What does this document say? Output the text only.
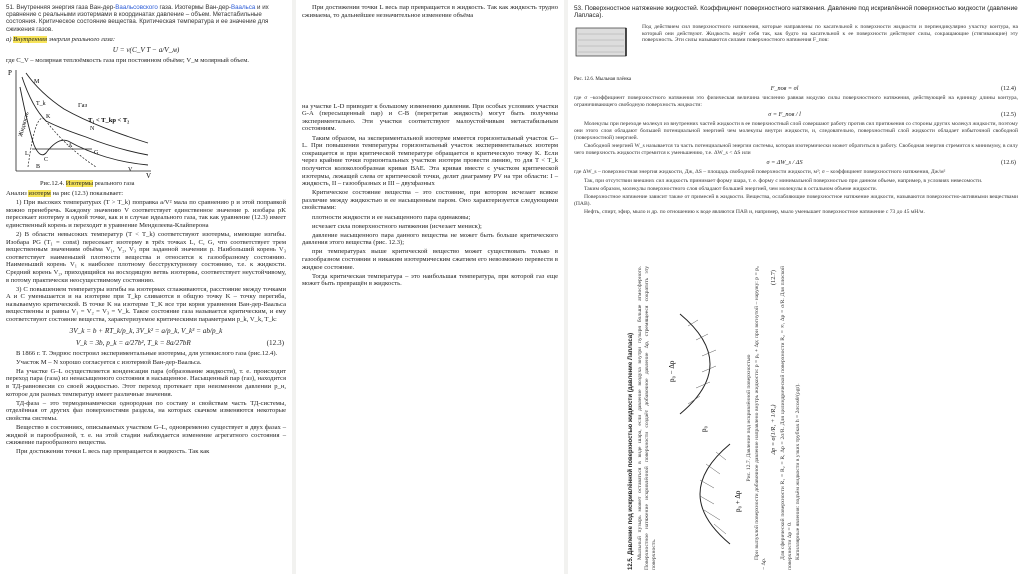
51. Внутренняя энергия газа Ван-дер-Ваальсовского газа. Изотермы Ван-дер-Ваальса и их сравнение с реальными изотермами в координатах давление – объем. Метастабильные состояния. Критическое состояние вещества. Критическая температура и ее значение для сжижения газов.
а) Внутренняя энергия реального газа:
U = ν(C_V T − a/V_м)
где C_V – молярная теплоёмкость газа при постоянном объёме; V_м молярный объем.
P
V
M
K
N
L	G
C
B
A
V
Газ
Жидкость
T_k
T₁ < T_kр < T₂
Рис.12.4. Изотермы реального газа
Анализ изотерм на рис (12.3) показывает:
1) При высоких температурах (T > T_k) поправка a/V² мала по сравнению p и этой поправкой можно пренебречь. Каждому значению V соответствует единственное значение p. изобара pK пересекает изотерму в одной точке, как и в случае идеального газа, так как уравнение (12.3) имеет единственный корень и переходит в уравнение Менделеева-Клайперона
2) В области невысоких температур (T < T_k) соответствуют изотермы, имеющие изгибы. Изобара PG (T₁ = const) пересекает изотерму в трёх точках L, C, G, что соответствует трем вещественным значениям объёма V₁, V₂, V₃ при заданной значении p. Наибольший корень V₃ соответствует наименьшей плотности вещества и относится к газообразному состоянию. Наименьший корень V₁ к наиболее плотному бесструктурному состоянию, т.е. к жидкости. Средний корень V₂, приходящийся на восходящую ветвь изотермы, соответствует неустойчивому, в потому практически неосуществимому состоянию.
3) С повышением температуры изгибы на изотермах сглаживаются, расстояние между точками A и C уменьшается и на изотерме при T_kр сливаются в общую точку K – точку перегиба, называемую критической. В точке K на изотерме T_K все три корня уравнения Ван-дер-Ваальса вещественны и равны V₁ = V₂ = V₃ = V_k. Такое состояние газа называется критическим, и ему соответствуют состояние вещества, характеризуемое критическими параметрами p_k, V_k, T_k:
3V_k = b + RT_k/p_k, 3V_k² = a/p_k, V_k³ = ab/p_k
V_k = 3b, p_k = a/27b², T_k = 8a/27bR	(12.3)
В 1866 г. Т. Эндрюс построил экспериментальные изотермы, для углекислого газа (рис.12.4).
Участок M – N хорошо согласуется с изотермой Ван-дер-Ваальса.
На участке G–L осуществляется конденсация пара (образование жидкости), т. е. происходит переход пара (газа) из ненасыщенного состояния в насыщенное. Насыщенный пар (газ), находится в ТД-равновесии со своей жидкостью. Этот переход протекает при неизменном давлении p_н, которое для разных температур имеет различные значения.
ТД-фаза – это термодинамически однородная по составу и свойствам часть ТД-системы, отделённая от других фаз поверхностями раздела, на которых скачком изменяются некоторые свойства системы.
Вещество в состояниях, описываемых участком G–L, одновременно существует в двух фазах – жидкой и парообразной, т. е. на этой стадии наблюдается изменение агрегатного состояния – сжижение парообразного вещества.
При достижении точки L весь пар превращается в жидкость. Так как
При достижении точки L весь пар превращается в жидкость. Так как жидкость трудно сжимаема, то дальнейшее незначительное изменение объёма
на участке L-D приводит к большому изменению давления. При особых условиях участки G-A (пересыщенный пар) и C-B (перегретая жидкость) могут быть получены экспериментально. Эти участки соответствуют малоустойчивым метастабильным состояниям.
Таким образом, на экспериментальной изотерме имеется горизонтальный участок G–L. При повышении температуры горизонтальный участок экспериментальных изотерм сокращается и при критической температуре обращается в критическую точку K. Если через крайние точки горизонтальных участков изотерм провести линию, то для T < T_k получится колоколообразная кривая BAE. Эта кривая вместе с участком критической изотермы, лежащей слева от критической точки, делит диаграмму PV на три области: I –жидкость, II – газообразных и III – двухфазных
Критическое состояние вещества – это состояние, при котором исчезает всякое различие между жидкостью и ее насыщенным паром. Оно характеризуется следующими свойствами:
плотности жидкости и ее насыщенного пара одинаковы;
исчезает сила поверхностного натяжения (исчезает мениск);
давление насыщенного пара данного вещества не может быть больше критического давления этого вещества (рис. 12.3);
при температурах выше критической вещество может существовать только в газообразном состоянии и никаким изотермическим сжатием его невозможно перевести в жидкое состояние.
Тогда критическая температура – это наибольшая температура, при которой газ еще может быть превращён в жидкость.
53. Поверхностное натяжение жидкостей. Коэффициент поверхностного натяжения. Давление под искривлённой поверхностью жидкости (давление Лапласа).
Рис. 12.6. Мыльная плёнка
Под действием сил поверхностного натяжения, которые направлены по касательной к поверхности жидкости и перпендикулярно участку контура, на который они действуют. Жидкость ведёт себя так, как будто на касательной к ее поверхности действуют силы, сокращающие (стягивающие) эту поверхность. Эти силы называются силами поверхностного натяжения F_пов:
F_пов = σl	(12.4)
где σ –коэффициент поверхностного натяжения это физическая величина численно равная модулю силы поверхностного натяжения, действующей на единицу длины контура, ограничивающего свободную поверхность жидкости:
σ = F_пов / l	(12.5)
Молекулы при переходе молекул из внутренних частей жидкости в ее поверхностный слой совершают работу против сил притяжения со стороны других молекул жидкости, поэтому они этого слоя обладают большей потенциальной энергией чем молекулы внутри жидкости, и, следовательно, поверхностный слой жидкости обладает избыточной свободной (поверхностной) энергией.
Свободной энергией W_s называется та часть потенциальной энергии системы, которая изотермически может обратиться в работу. Свободная энергия стремится к минимуму, в силу чего поверхность жидкости стремится к уменьшению, т.е. ΔW_s < ΔS или
σ = ΔW_s / ΔS	(12.6)
где ΔW_s – поверхностная энергия жидкости, Дж, ΔS – площадь свободной поверхности жидкости, м²; σ – коэффициент поверхностного натяжения, Дж/м²
Так, при отсутствии внешних сил жидкость принимает форму шара, т. е. форму с минимальной поверхностью при данном объеме, например, в условиях невесомости.
Таким образом, молекулы поверхностного слоя обладают большей энергией, чем молекулы в остальном объеме жидкости.
Поверхностное натяжение зависит также от примесей в жидкости. Вещества, ослабляющие поверхностное натяжение жидкости, называются поверхностно-активными веществами (ПАВ).
Нефть, спирт, эфир, мыло и др. по отношению к воде являются ПАВ и, например, мыло уменьшает поверхностное натяжение с 73 до 45 мН/м.
12.5. Давление под искривлённой поверхностью жидкости (давление Лапласа) Мыльный пузырь может оставаться в виде шара, если давление воздуха внутри пузыря больше атмосферного. Поверхностное натяжение искривлённой поверхности создаёт добавочное давление Δp, стремящееся сократить эту поверхность.
p₀ + Δp
p₀ − Δp
p₀	Рис. 12.7. Давление под искривлённой поверхностью При выпуклой поверхности добавочное давление направлено внутрь жидкости: p = p₀ + Δp; при вогнутой – наружу: p = p₀ − Δp.
Δp = σ(1/R₁ + 1/R₂)
(12.7) Для сферической поверхности R₁ = R₂ = R, Δp = 2σ/R. Для цилиндрической поверхности R₂ = ∞, Δp = σ/R. Для плоской поверхности Δp = 0. Капиллярные явления: подъём жидкости в узких трубках h = 2σcosθ/(ρgr).
